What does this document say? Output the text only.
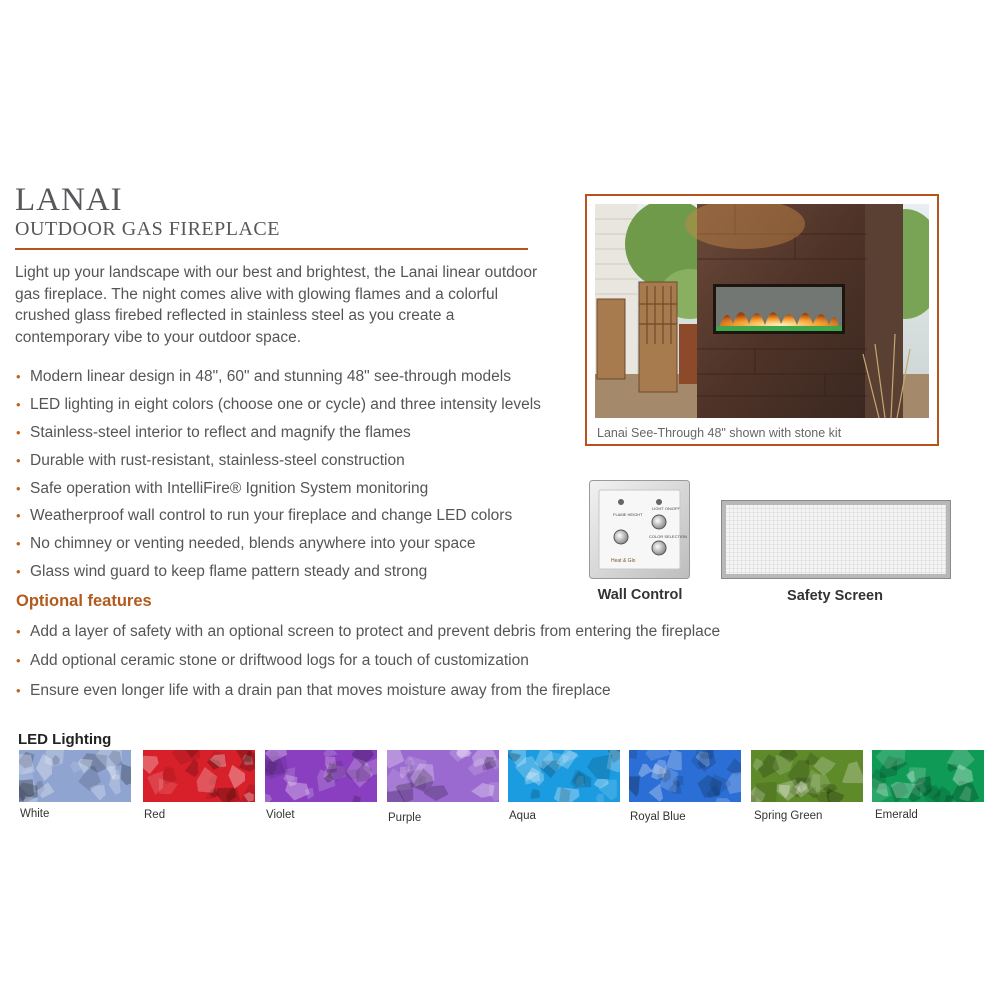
LANAI
OUTDOOR GAS FIREPLACE

Light up your landscape with our best and brightest, the Lanai linear outdoor gas fireplace. The night comes alive with glowing flames and a colorful crushed glass firebed reflected in stainless steel as you create a contemporary vibe to your outdoor space.

• Modern linear design in 48", 60" and stunning 48" see-through models
• LED lighting in eight colors (choose one or cycle) and three intensity levels
• Stainless-steel interior to reflect and magnify the flames
• Durable with rust-resistant, stainless-steel construction
• Safe operation with IntelliFire® Ignition System monitoring
• Weatherproof wall control to run your fireplace and change LED colors
• No chimney or venting needed, blends anywhere into your space
• Glass wind guard to keep flame pattern steady and strong
Optional features
• Add a layer of safety with an optional screen to protect and prevent debris from entering the fireplace
• Add optional ceramic stone or driftwood logs for a touch of customization
• Ensure even longer life with a drain pan that moves moisture away from the fireplace
Lanai See-Through 48" shown with stone kit
FLAME HEIGHT
LIGHT ON/OFF
COLOR SELECTION
Heat & Glo
Wall Control	Safety Screen
LED Lighting
White	Red	Violet	Purple	Aqua	Royal Blue	Spring Green	Emerald
